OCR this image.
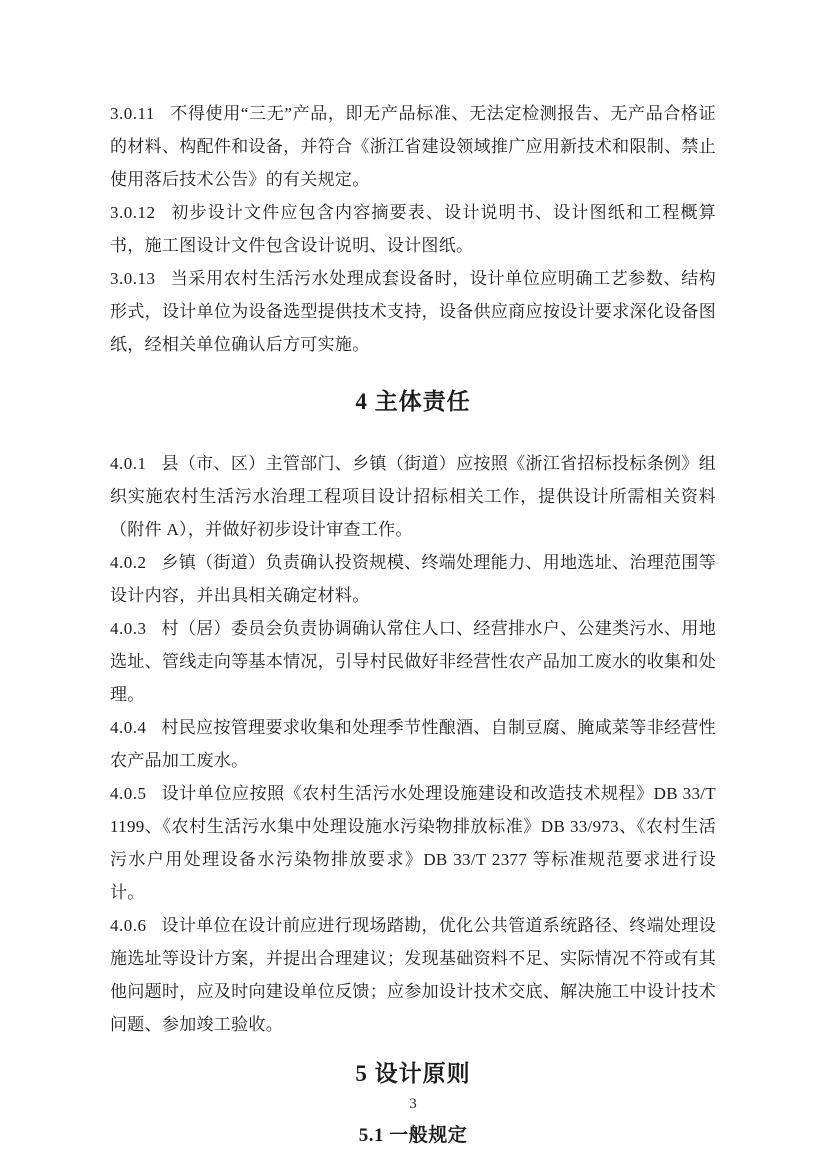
3.0.11 不得使用“三无”产品，即无产品标准、无法定检测报告、无产品合格证的材料、构配件和设备，并符合《浙江省建设领域推广应用新技术和限制、禁止使用落后技术公告》的有关规定。

3.0.12 初步设计文件应包含内容摘要表、设计说明书、设计图纸和工程概算书，施工图设计文件包含设计说明、设计图纸。

3.0.13 当采用农村生活污水处理成套设备时，设计单位应明确工艺参数、结构形式，设计单位为设备选型提供技术支持，设备供应商应按设计要求深化设备图纸，经相关单位确认后方可实施。

4 主体责任

4.0.1 县（市、区）主管部门、乡镇（街道）应按照《浙江省招标投标条例》组织实施农村生活污水治理工程项目设计招标相关工作，提供设计所需相关资料（附件 A），并做好初步设计审查工作。

4.0.2 乡镇（街道）负责确认投资规模、终端处理能力、用地选址、治理范围等设计内容，并出具相关确定材料。

4.0.3 村（居）委员会负责协调确认常住人口、经营排水户、公建类污水、用地选址、管线走向等基本情况，引导村民做好非经营性农产品加工废水的收集和处理。

4.0.4 村民应按管理要求收集和处理季节性酿酒、自制豆腐、腌咸菜等非经营性农产品加工废水。

4.0.5 设计单位应按照《农村生活污水处理设施建设和改造技术规程》DB 33/T 1199、《农村生活污水集中处理设施水污染物排放标准》DB 33/973、《农村生活污水户用处理设备水污染物排放要求》DB 33/T 2377 等标准规范要求进行设计。

4.0.6 设计单位在设计前应进行现场踏勘，优化公共管道系统路径、终端处理设施选址等设计方案，并提出合理建议；发现基础资料不足、实际情况不符或有其他问题时，应及时向建设单位反馈；应参加设计技术交底、解决施工中设计技术问题、参加竣工验收。

5 设计原则
5.1 一般规定
3
